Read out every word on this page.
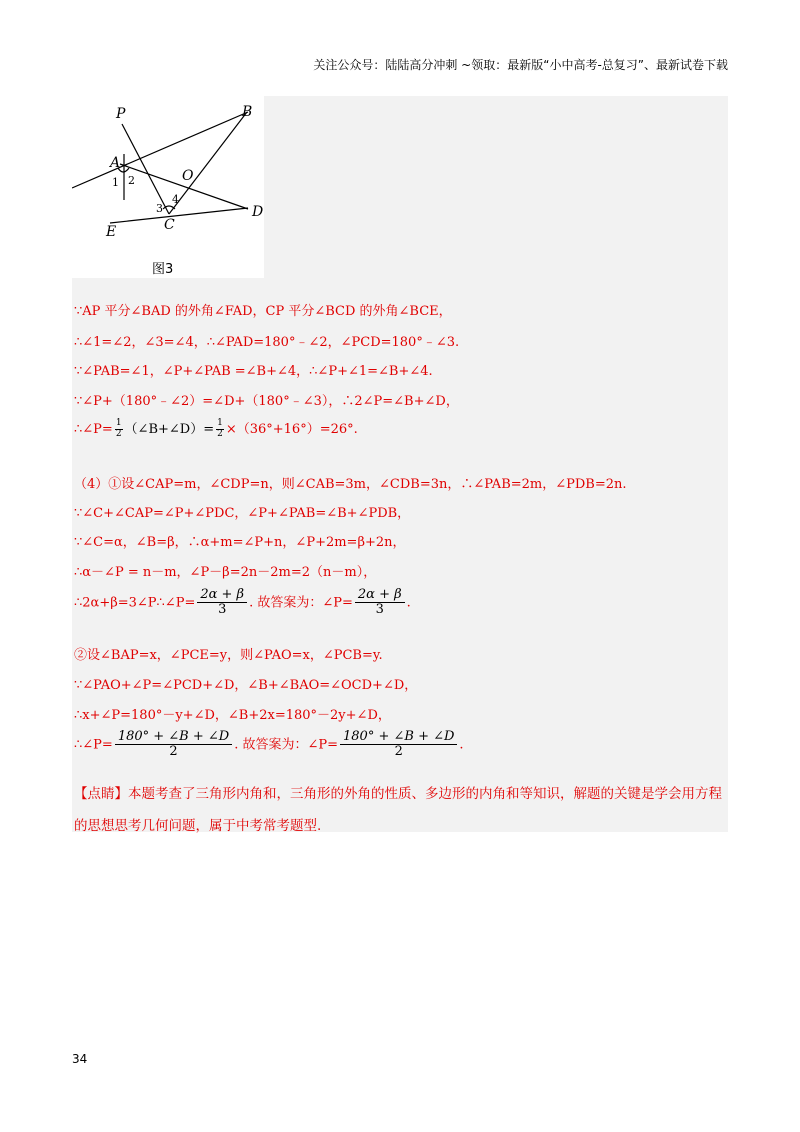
关注公众号：陆陆高分冲刺 ~领取：最新版“小中高考-总复习”、最新试卷下载
P	B
A
O
D
E	C
1 2
3
4
图3
∵AP 平分∠BAD 的外角∠FAD，CP 平分∠BCD 的外角∠BCE，
∴∠1=∠2，∠3=∠4，∴∠PAD=180°﹣∠2，∠PCD=180°﹣∠3.
∵∠PAB=∠1，∠P+∠PAB =∠B+∠4，∴∠P+∠1=∠B+∠4.
∵∠P+（180°﹣∠2）=∠D+（180°﹣∠3），∴2∠P=∠B+∠D，
∴∠P= $\frac{1}{2}$ （∠B+∠D）= $\frac{1}{2} \times(36^\circ+16^\circ)=26^\circ$.
（4）①设∠CAP=m，∠CDP=n，则∠CAB=3m，∠CDB=3n，∴∠PAB=2m，∠PDB=2n.
∵∠C+∠CAP=∠P+∠PDC，∠P+∠PAB=∠B+∠PDB，
∵∠C=α，∠B=β，∴α+m=∠P+n，∠P+2m=β+2n，
∴α－∠P = n－m，∠P－β=2n－2m=2（n－m），
∴2α+β=3∠P∴∠P= $\frac{2\alpha + \beta}{3}$ . 故答案为：∠P= $\frac{2\alpha + \beta}{3}$ .
②设∠BAP=x，∠PCE=y，则∠PAO=x，∠PCB=y.
∵∠PAO+∠P=∠PCD+∠D，∠B+∠BAO=∠OCD+∠D，
∴x+∠P=180°－y+∠D，∠B+2x=180°－2y+∠D，
∴∠P= $\frac{180^\circ + \angle B + \angle D}{2}$ . 故答案为：∠P= $\frac{180^\circ + \angle B + \angle D}{2}$ .
【点睛】本题考查了三角形内角和，三角形的外角的性质、多边形的内角和等知识，解题的关键是学会用方程的思想思考几何问题，属于中考常考题型.
34
